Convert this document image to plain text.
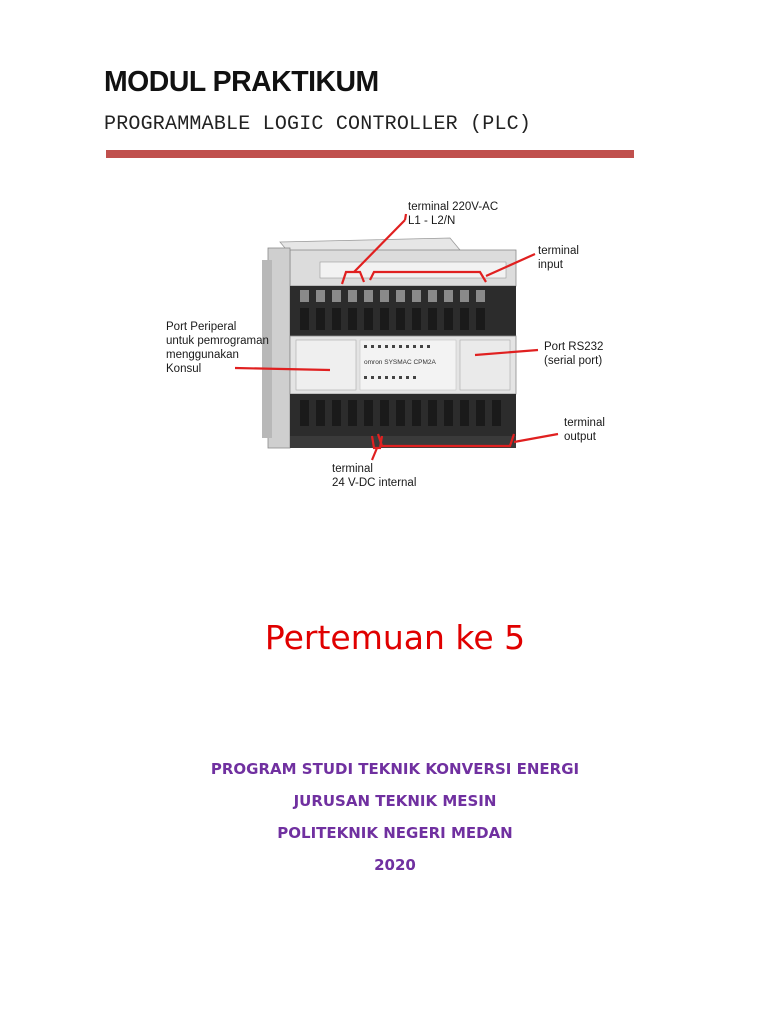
MODUL PRAKTIKUM
PROGRAMMABLE LOGIC CONTROLLER (PLC)
omron SYSMAC CPM2A
terminal 220V-AC
L1 - L2/N
terminal
input
Port Periperal
untuk pemrograman
menggunakan
Konsul
Port RS232
(serial port)
terminal
output
terminal
24 V-DC internal
Pertemuan ke 5
PROGRAM STUDI TEKNIK KONVERSI ENERGI
JURUSAN TEKNIK MESIN
POLITEKNIK NEGERI MEDAN
2020
